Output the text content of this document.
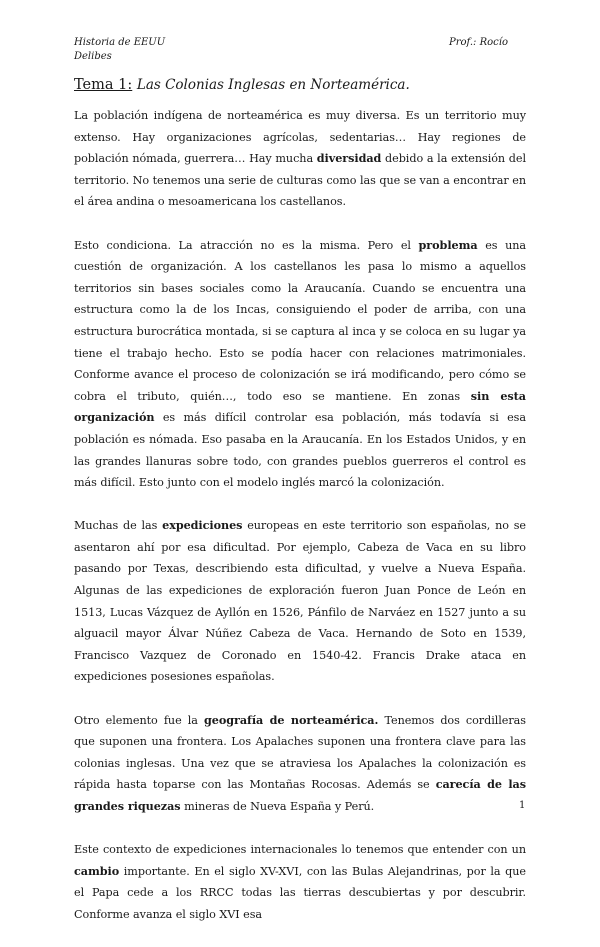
Historia de EEUU
Delibes
Prof.: Rocío
Tema 1: Las Colonias Inglesas en Norteamérica.

La población indígena de norteamérica es muy diversa. Es un territorio muy extenso. Hay organizaciones agrícolas, sedentarias… Hay regiones de población nómada, guerrera… Hay mucha diversidad debido a la extensión del territorio. No tenemos una serie de culturas como las que se van a encontrar en el área andina o mesoamericana los castellanos.

Esto condiciona. La atracción no es la misma. Pero el problema es una cuestión de organización. A los castellanos les pasa lo mismo a aquellos territorios sin bases sociales como la Araucanía. Cuando se encuentra una estructura como la de los Incas, consiguiendo el poder de arriba, con una estructura burocrática montada, si se captura al inca y se coloca en su lugar ya tiene el trabajo hecho. Esto se podía hacer con relaciones matrimoniales. Conforme avance el proceso de colonización se irá modificando, pero cómo se cobra el tributo, quién…, todo eso se mantiene. En zonas sin esta organización es más difícil controlar esa población, más todavía si esa población es nómada. Eso pasaba en la Araucanía. En los Estados Unidos, y en las grandes llanuras sobre todo, con grandes pueblos guerreros el control es más difícil. Esto junto con el modelo inglés marcó la colonización.

Muchas de las expediciones europeas en este territorio son españolas, no se asentaron ahí por esa dificultad. Por ejemplo, Cabeza de Vaca en su libro pasando por Texas, describiendo esta dificultad, y vuelve a Nueva España. Algunas de las expediciones de exploración fueron Juan Ponce de León en 1513, Lucas Vázquez de Ayllón en 1526, Pánfilo de Narváez en 1527 junto a su alguacil mayor Álvar Núñez Cabeza de Vaca. Hernando de Soto en 1539, Francisco Vazquez de Coronado en 1540-42. Francis Drake ataca en expediciones posesiones españolas.

Otro elemento fue la geografía de norteamérica. Tenemos dos cordilleras que suponen una frontera. Los Apalaches suponen una frontera clave para las colonias inglesas. Una vez que se atraviesa los Apalaches la colonización es rápida hasta toparse con las Montañas Rocosas. Además se carecía de las grandes riquezas mineras de Nueva España y Perú.

Este contexto de expediciones internacionales lo tenemos que entender con un cambio importante. En el siglo XV-XVI, con las Bulas Alejandrinas, por la que el Papa cede a los RRCC todas las tierras descubiertas y por descubrir. Conforme avanza el siglo XVI esa

1
